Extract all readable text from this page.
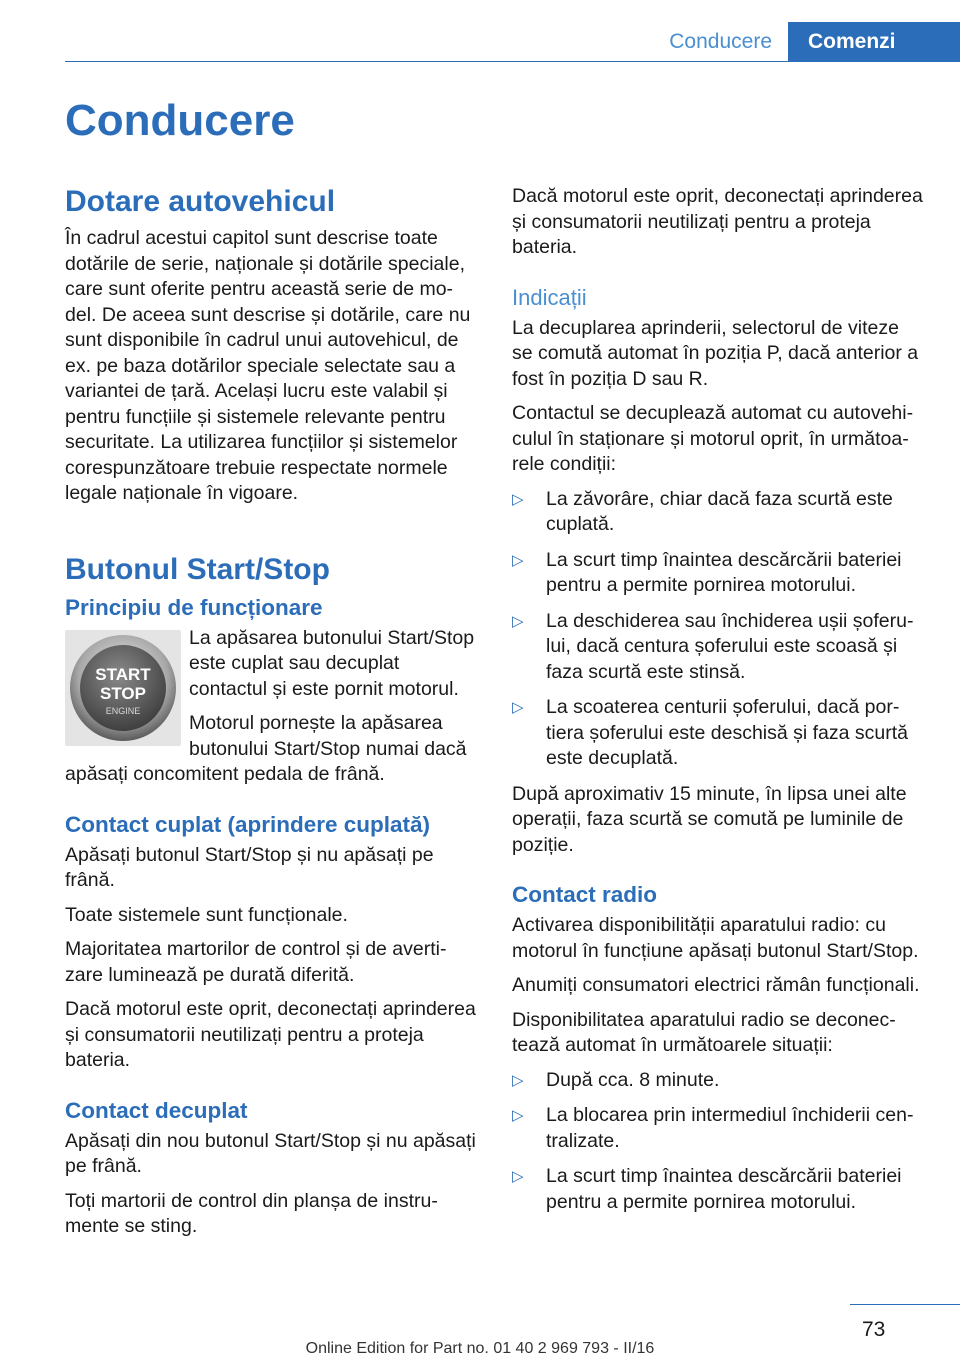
Conducere	Comenzi
Conducere
Dotare autovehicul

În cadrul acestui capitol sunt descrise toate dotările de serie, naționale și dotările speciale, care sunt oferite pentru această serie de model. De aceea sunt descrise și dotările, care nu sunt disponibile în cadrul unui autovehicul, de ex. pe baza dotărilor speciale selectate sau a variantei de țară. Același lucru este valabil și pentru funcțiile și sistemele relevante pentru securitate. La utilizarea funcțiilor și sistemelor corespunzătoare trebuie respectate normele legale naționale în vigoare.

Butonul Start/Stop
Principiu de funcționare
START
STOP
ENGINE

La apăsarea butonului Start/Stop este cuplat sau decuplat contactul și este pornit motorul.

Motorul pornește la apăsarea butonului Start/Stop numai dacă apăsați concomitent pedala de frână.

Contact cuplat (aprindere cuplată)

Apăsați butonul Start/Stop și nu apăsați pe frână.

Toate sistemele sunt funcționale.

Majoritatea martorilor de control și de avertizare luminează pe durată diferită.

Dacă motorul este oprit, deconectați aprinderea și consumatorii neutilizați pentru a proteja bateria.

Contact decuplat

Apăsați din nou butonul Start/Stop și nu apăsați pe frână.

Toți martorii de control din planșa de instrumente se sting.

Dacă motorul este oprit, deconectați aprinderea și consumatorii neutilizați pentru a proteja bateria.

Indicații

La decuplarea aprinderii, selectorul de viteze se comută automat în poziția P, dacă anterior a fost în poziția D sau R.

Contactul se decuplează automat cu autovehiculul în staționare și motorul oprit, în următoarele condiții:

▷ La zăvorâre, chiar dacă faza scurtă este cuplată.
▷ La scurt timp înaintea descărcării bateriei pentru a permite pornirea motorului.
▷ La deschiderea sau închiderea ușii șoferului, dacă centura șoferului este scoasă și faza scurtă este stinsă.
▷ La scoaterea centurii șoferului, dacă portiera șoferului este deschisă și faza scurtă este decuplată.

După aproximativ 15 minute, în lipsa unei alte operații, faza scurtă se comută pe luminile de poziție.

Contact radio

Activarea disponibilității aparatului radio: cu motorul în funcțiune apăsați butonul Start/Stop.

Anumiți consumatori electrici rămân funcționali.

Disponibilitatea aparatului radio se deconectează automat în următoarele situații:

▷ După cca. 8 minute.
▷ La blocarea prin intermediul închiderii centralizate.
▷ La scurt timp înaintea descărcării bateriei pentru a permite pornirea motorului.
73
Online Edition for Part no. 01 40 2 969 793 - II/16
